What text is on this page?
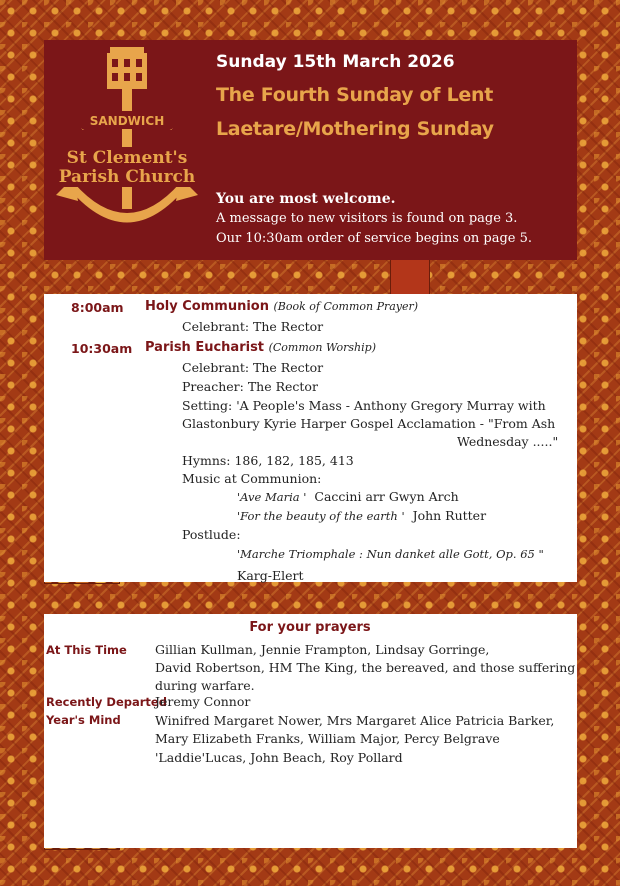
SANDWICH
St Clement's
Parish Church
Sunday 15th March 2026
The Fourth Sunday of Lent
Laetare/Mothering Sunday
You are most welcome.
A message to new visitors is found on page 3.
Our 10:30am order of service begins on page 5.
8:00am Holy Communion (Book of Common Prayer)
Celebrant: The Rector
10:30am Parish Eucharist (Common Worship)
Celebrant: The Rector
Preacher: The Rector
Setting: 'A People's Mass - Anthony Gregory Murray with
Glastonbury Kyrie Harper Gospel Acclamation - "From Ash
Wednesday ....."
Hymns: 186, 182, 185, 413
Music at Communion:
'Ave Maria ' Caccini arr Gwyn Arch
'For the beauty of the earth ' John Rutter
Postlude:
'Marche Triomphale : Nun danket alle Gott, Op. 65 "
Karg-Elert
For your prayers
At This Time Gillian Kullman, Jennie Frampton, Lindsay Gorringe,
David Robertson, HM The King, the bereaved, and those suffering
during warfare.
Recently Departed
Jeremy Connor
Year's Mind	Winifred Margaret Nower, Mrs Margaret Alice Patricia Barker,
Mary Elizabeth Franks, William Major, Percy Belgrave
'Laddie'Lucas, John Beach, Roy Pollard
